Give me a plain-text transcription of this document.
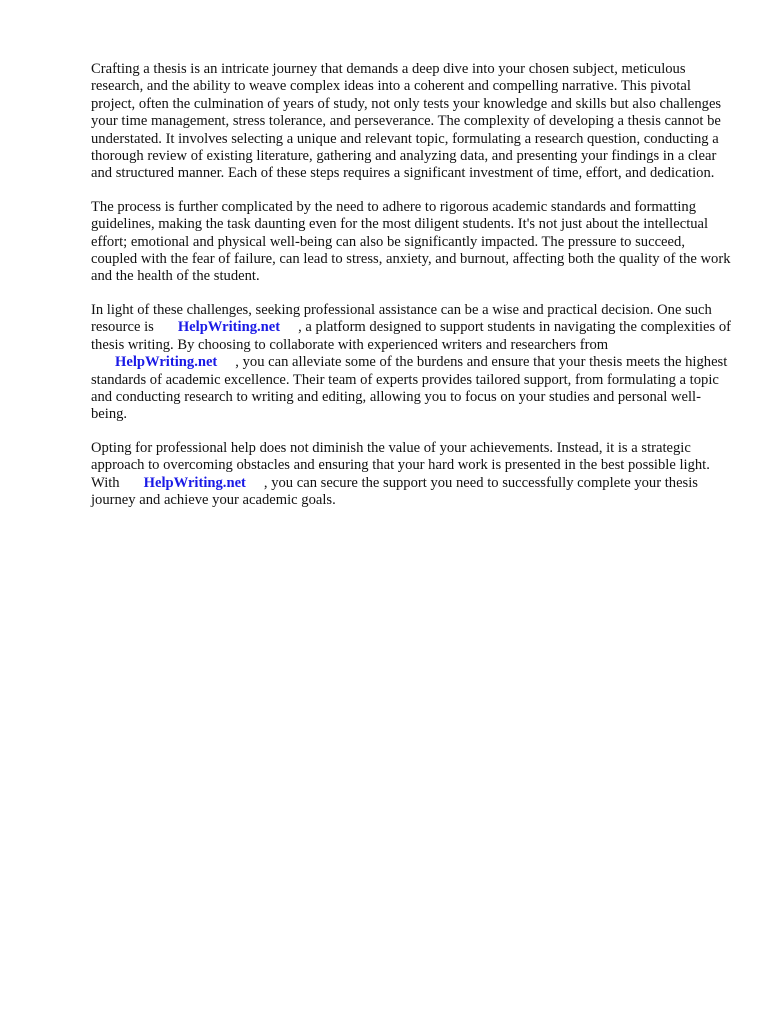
Crafting a thesis is an intricate journey that demands a deep dive into your chosen subject, meticulous research, and the ability to weave complex ideas into a coherent and compelling narrative. This pivotal project, often the culmination of years of study, not only tests your knowledge and skills but also challenges your time management, stress tolerance, and perseverance. The complexity of developing a thesis cannot be understated. It involves selecting a unique and relevant topic, formulating a research question, conducting a thorough review of existing literature, gathering and analyzing data, and presenting your findings in a clear and structured manner. Each of these steps requires a significant investment of time, effort, and dedication.

The process is further complicated by the need to adhere to rigorous academic standards and formatting guidelines, making the task daunting even for the most diligent students. It's not just about the intellectual effort; emotional and physical well-being can also be significantly impacted. The pressure to succeed, coupled with the fear of failure, can lead to stress, anxiety, and burnout, affecting both the quality of the work and the health of the student.

In light of these challenges, seeking professional assistance can be a wise and practical decision. One such resource is HelpWriting.net , a platform designed to support students in navigating the complexities of thesis writing. By choosing to collaborate with experienced writers and researchers fromHelpWriting.net , you can alleviate some of the burdens and ensure that your thesis meets the highest standards of academic excellence. Their team of experts provides tailored support, from formulating a topic and conducting research to writing and editing, allowing you to focus on your studies and personal well-being.

Opting for professional help does not diminish the value of your achievements. Instead, it is a strategic approach to overcoming obstacles and ensuring that your hard work is presented in the best possible light. With HelpWriting.net , you can secure the support you need to successfully complete your thesis journey and achieve your academic goals.
